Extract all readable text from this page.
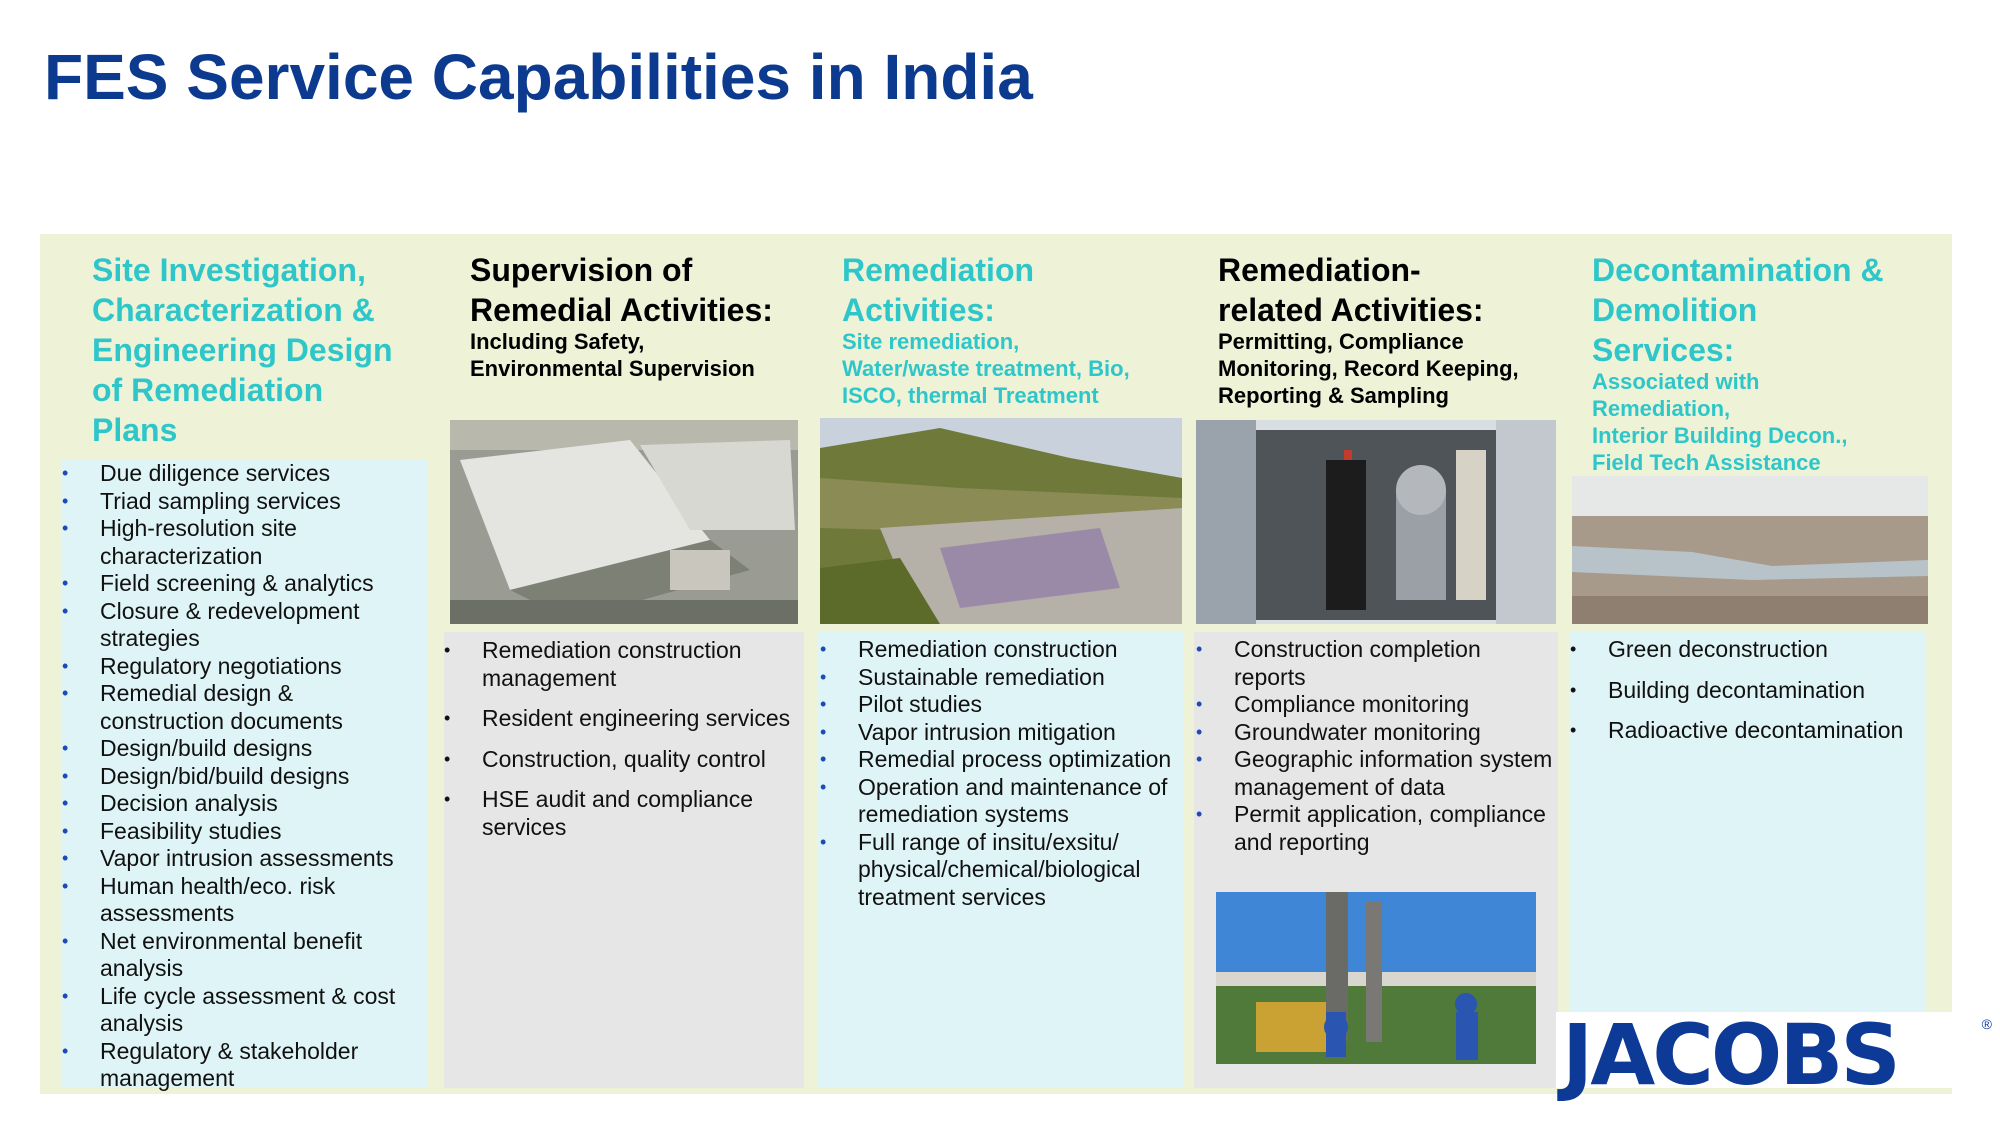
FES Service Capabilities in India
Site Investigation,
Characterization &
Engineering Design
of Remediation
Plans
•	Due diligence services
•	Triad sampling services
•	High-resolution site characterization
•	Field screening & analytics
•	Closure & redevelopment strategies
•	Regulatory negotiations
•	Remedial design & construction documents
•	Design/build designs
•	Design/bid/build designs
•	Decision analysis
•	Feasibility studies
•	Vapor intrusion assessments
•	Human health/eco. risk assessments
•	Net environmental benefit analysis
•	Life cycle assessment & cost analysis
•	Regulatory & stakeholder management
Supervision of
Remedial Activities:
Including Safety,
Environmental Supervision
•	Remediation construction management
•	Resident engineering services
•	Construction, quality control
•	HSE audit and compliance services
Remediation
Activities:
Site remediation,
Water/waste treatment, Bio,
ISCO, thermal Treatment
•	Remediation construction
•	Sustainable remediation
•	Pilot studies
•	Vapor intrusion mitigation
•	Remedial process optimization
•	Operation and maintenance of remediation systems
•	Full range of insitu/exsitu/ physical/chemical/biological treatment services
Remediation-
related Activities:
Permitting, Compliance
Monitoring, Record Keeping,
Reporting & Sampling
•	Construction completion reports
•	Compliance monitoring
•	Groundwater monitoring
•	Geographic information system management of data
•	Permit application, compliance and reporting
Decontamination &
Demolition
Services:
Associated with
Remediation,
Interior Building Decon.,
Field Tech Assistance
•	Green deconstruction
•	Building decontamination
•	Radioactive decontamination
JACOBS	®
